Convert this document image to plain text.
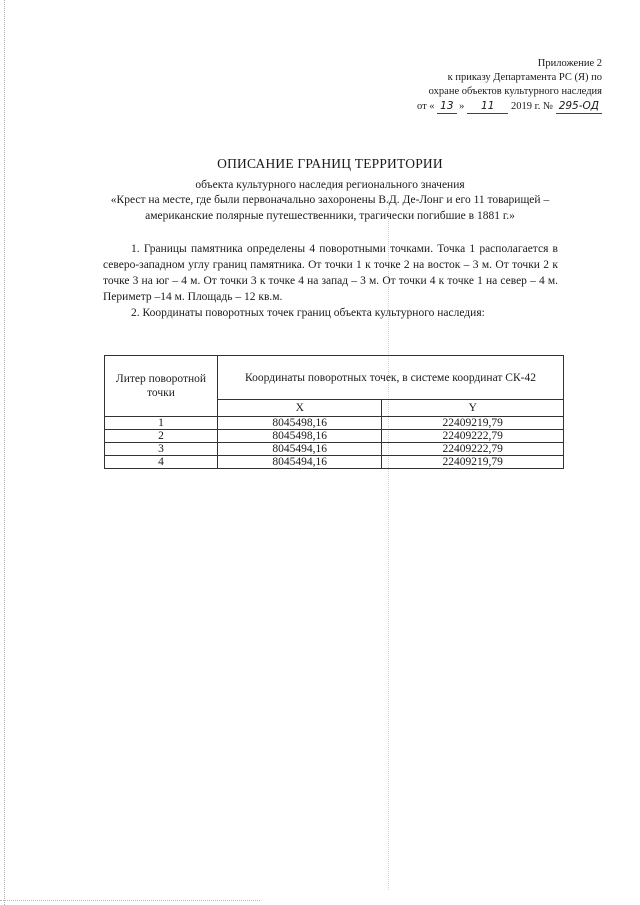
Приложение 2
к приказу Департамента РС (Я) по
охране объектов культурного наследия
от « 13 » 11 2019 г. № 295-ОД
ОПИСАНИЕ ГРАНИЦ ТЕРРИТОРИИ
объекта культурного наследия регионального значения
«Крест на месте, где были первоначально захоронены В.Д. Де-Лонг и его 11 товарищей – американские полярные путешественники, трагически погибшие в 1881 г.»

1. Границы памятника определены 4 поворотными точками. Точка 1 располагается в северо-западном углу границ памятника. От точки 1 к точке 2 на восток – 3 м. От точки 2 к точке 3 на юг – 4 м. От точки 3 к точке 4 на запад – 3 м. От точки 4 к точке 1 на север – 4 м. Периметр –14 м. Площадь – 12 кв.м.

2. Координаты поворотных точек границ объекта культурного наследия:

Литер поворотной точки	Координаты поворотных точек, в системе координат СК-42	
	X	Y
1	8045498,16	22409219,79
2	8045498,16	22409222,79
3	8045494,16	22409222,79
4	8045494,16	22409219,79
